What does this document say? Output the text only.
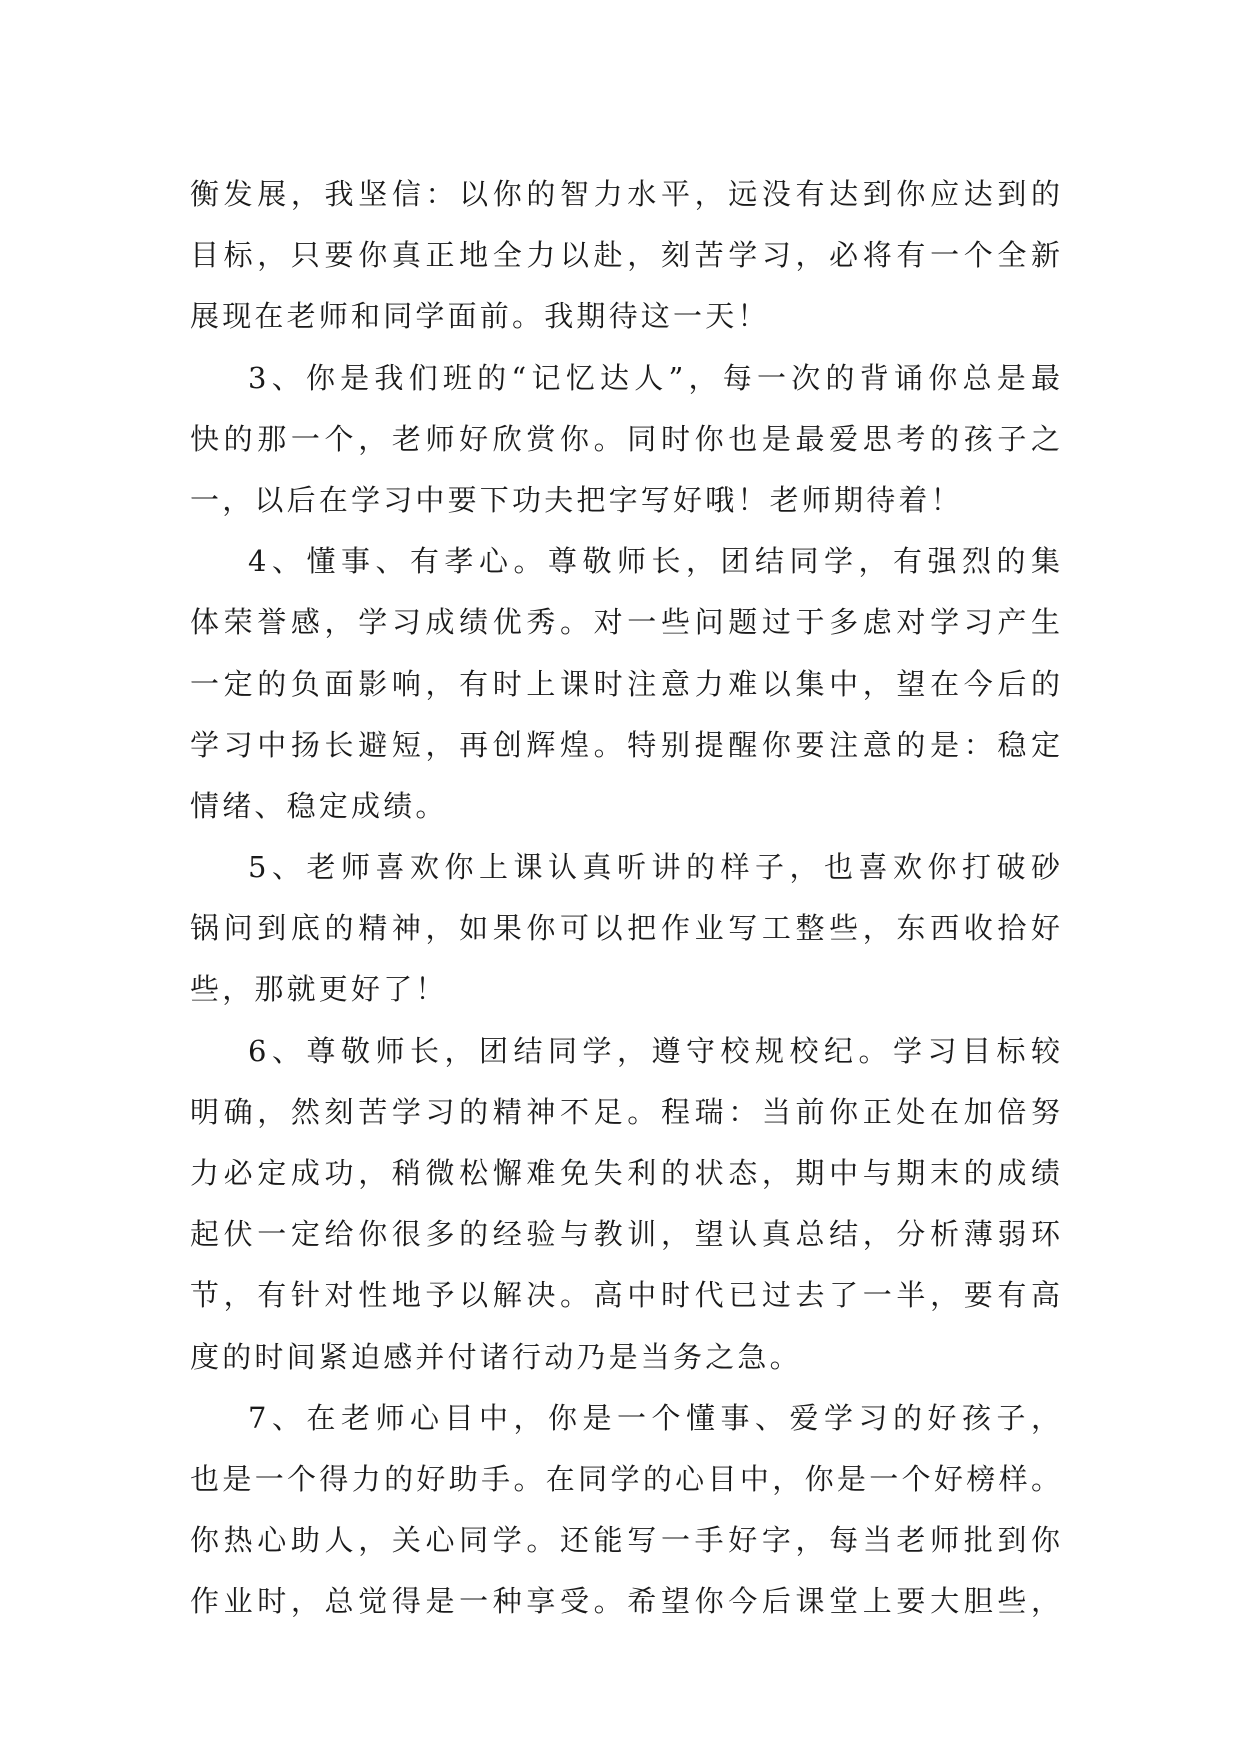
衡发展，我坚信：以你的智力水平，远没有达到你应达到的
目标，只要你真正地全力以赴，刻苦学习，必将有一个全新
展现在老师和同学面前。我期待这一天！
3、你是我们班的“记忆达人”，每一次的背诵你总是最
快的那一个，老师好欣赏你。同时你也是最爱思考的孩子之
一，以后在学习中要下功夫把字写好哦！老师期待着！
4、懂事、有孝心。尊敬师长，团结同学，有强烈的集
体荣誉感，学习成绩优秀。对一些问题过于多虑对学习产生
一定的负面影响，有时上课时注意力难以集中，望在今后的
学习中扬长避短，再创辉煌。特别提醒你要注意的是：稳定
情绪、稳定成绩。
5、老师喜欢你上课认真听讲的样子，也喜欢你打破砂
锅问到底的精神，如果你可以把作业写工整些，东西收拾好
些，那就更好了！
6、尊敬师长，团结同学，遵守校规校纪。学习目标较
明确，然刻苦学习的精神不足。程瑞：当前你正处在加倍努
力必定成功，稍微松懈难免失利的状态，期中与期末的成绩
起伏一定给你很多的经验与教训，望认真总结，分析薄弱环
节，有针对性地予以解决。高中时代已过去了一半，要有高
度的时间紧迫感并付诸行动乃是当务之急。
7、在老师心目中，你是一个懂事、爱学习的好孩子，
也是一个得力的好助手。在同学的心目中，你是一个好榜样。
你热心助人，关心同学。还能写一手好字，每当老师批到你
作业时，总觉得是一种享受。希望你今后课堂上要大胆些，
